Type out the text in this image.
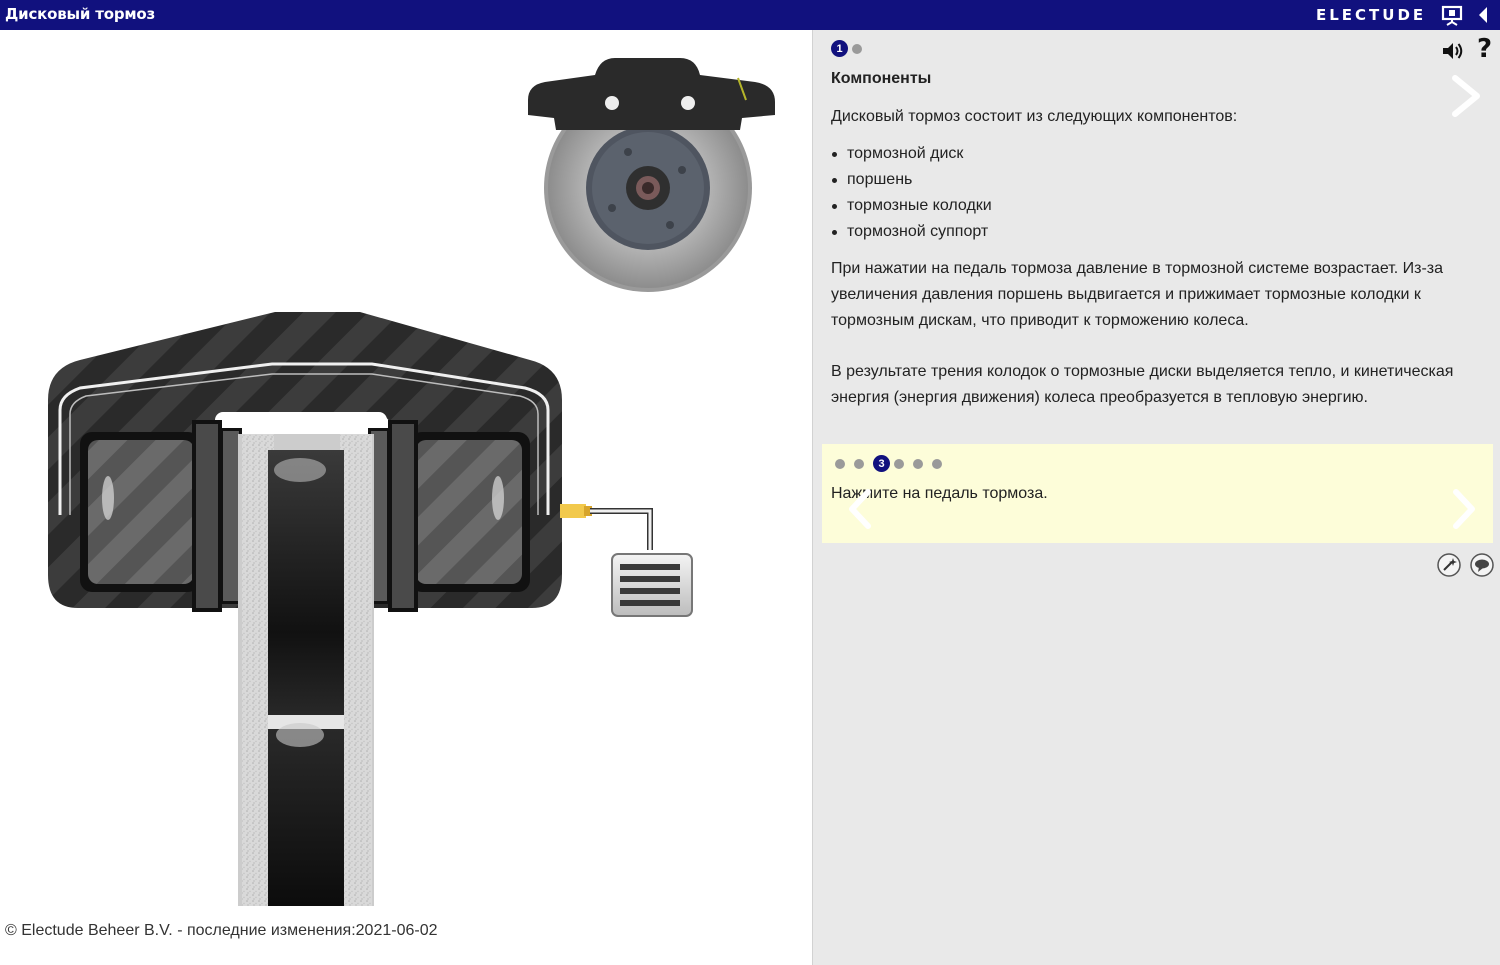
Дисковый тормоз	ELECTUDE
© Electude Beheer B.V. - последние изменения:2021-06-02
1	?
Компоненты
Дисковый тормоз состоит из следующих компонентов:
тормозной диск
поршень
тормозные колодки
тормозной суппорт
При нажатии на педаль тормоза давление в тормозной системе возрастает. Из-за увеличения давления поршень выдвигается и прижимает тормозные колодки к тормозным дискам, что приводит к торможению колеса.
В результате трения колодок о тормозные диски выделяется тепло, и кинетическая энергия (энергия движения) колеса преобразуется в тепловую энергию.
3
Нажмите на педаль тормоза.
